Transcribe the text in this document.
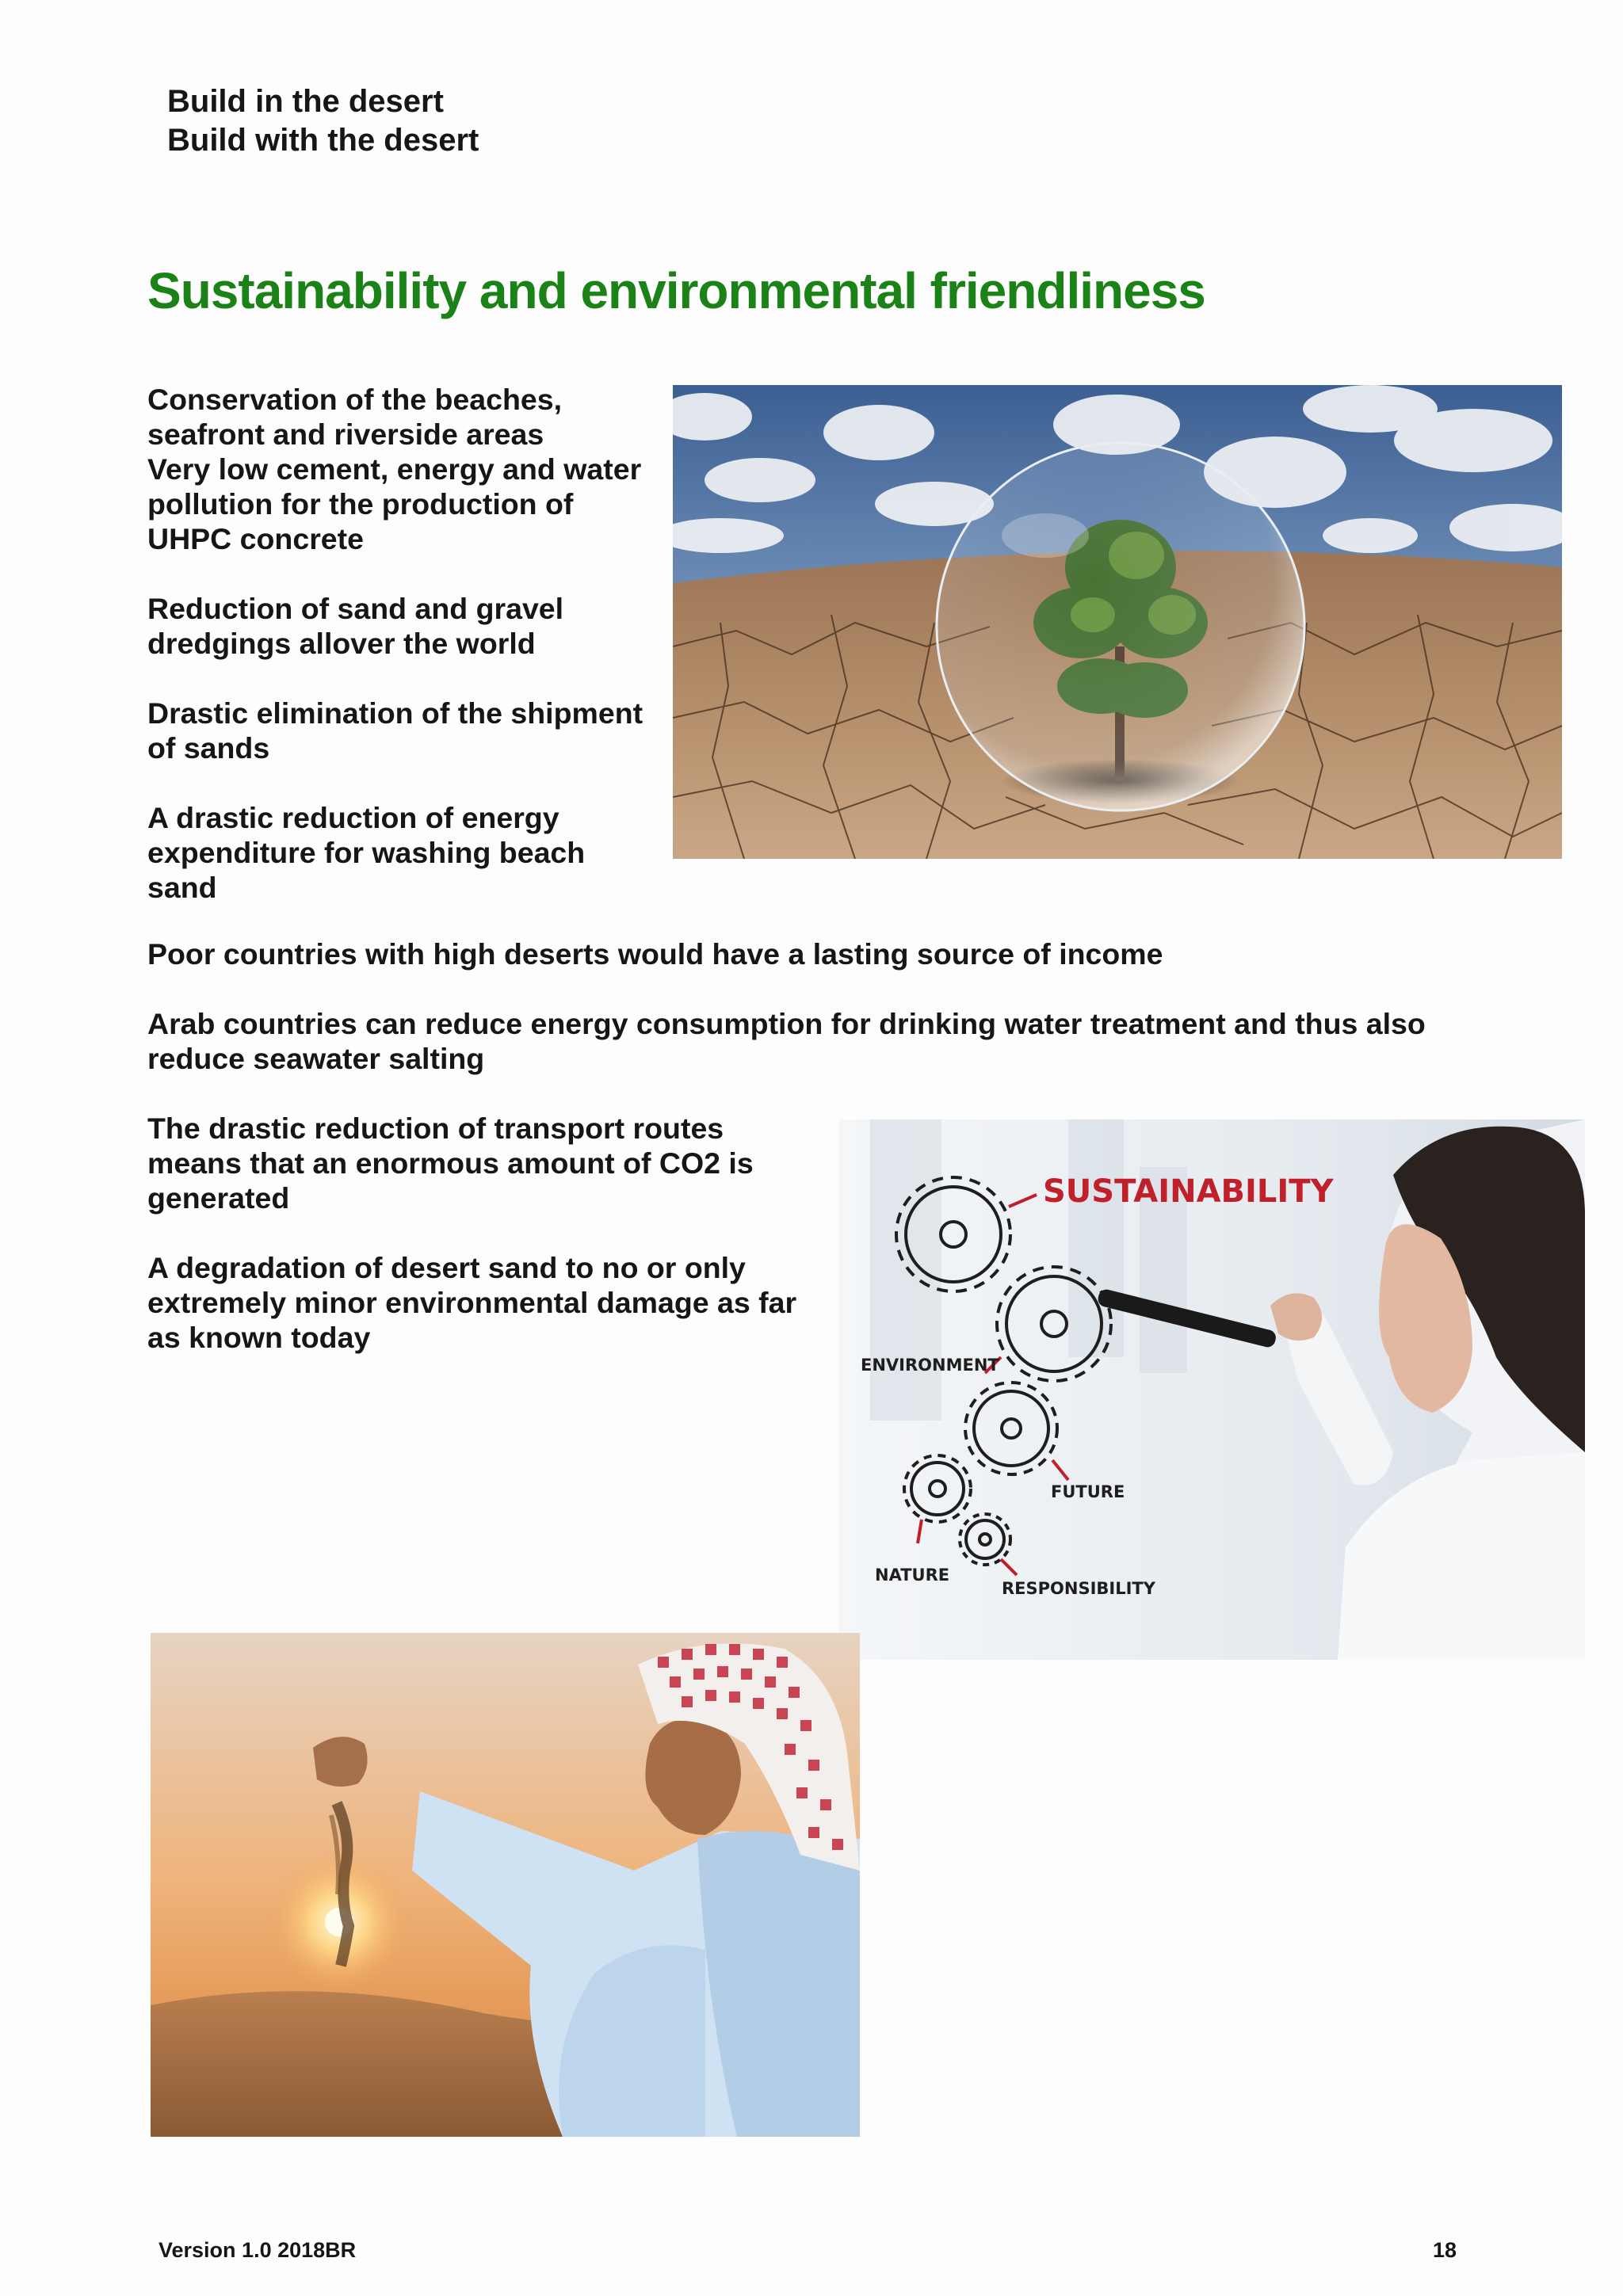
Build in the desert
Build with the desert
Sustainability and environmental friendliness

Conservation of the beaches, seafront and riverside areas

Very low cement, energy and water pollution for the production of UHPC concrete

Reduction of sand and gravel dredgings allover the world

Drastic elimination of the shipment of sands

A drastic reduction of energy expenditure for washing beach sand

Poor countries with high deserts would have a lasting source of income

Arab countries can reduce energy consumption for drinking water treatment and thus also reduce seawater salting

The drastic reduction of transport routes means that an enormous amount of CO2 is generated

A degradation of desert sand to no or only extremely minor environmental damage as far as known today

SUSTAINABILITY
ENVIRONMENT
FUTURE
NATURE
RESPONSIBILITY
Version 1.0 2018BR	18
